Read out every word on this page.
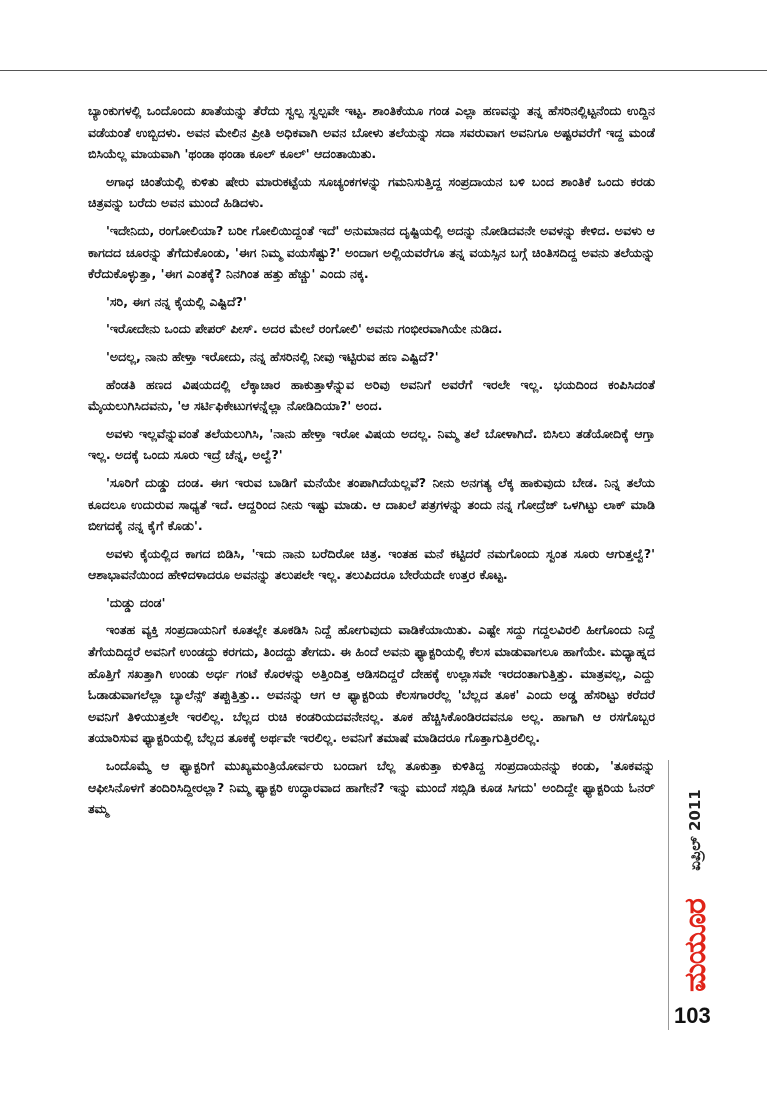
ಬ್ಯಾಂಕುಗಳಲ್ಲಿ ಒಂದೊಂದು ಖಾತೆಯನ್ನು ತೆರೆದು ಸ್ವಲ್ಪ ಸ್ವಲ್ಪವೇ ಇಟ್ಟ. ಶಾಂತಿಕೆಯೂ ಗಂಡ ಎಲ್ಲಾ ಹಣವನ್ನು ತನ್ನ ಹೆಸರಿನಲ್ಲಿಟ್ಟನೆಂದು ಉದ್ದಿನ ವಡೆಯಂತೆ ಉಬ್ಬಿದಳು. ಅವನ ಮೇಲಿನ ಪ್ರೀತಿ ಅಧಿಕವಾಗಿ ಅವನ ಬೋಳು ತಲೆಯನ್ನು ಸದಾ ಸವರುವಾಗ ಅವನಿಗೂ ಅಷ್ಟರವರೆಗೆ ಇದ್ದ ಮಂಡೆ ಬಿಸಿಯೆಲ್ಲ ಮಾಯವಾಗಿ 'ಥಂಡಾ ಥಂಡಾ ಕೂಲ್ ಕೂಲ್' ಆದಂತಾಯಿತು.

ಅಗಾಧ ಚಿಂತೆಯಲ್ಲಿ ಕುಳಿತು ಷೇರು ಮಾರುಕಟ್ಟೆಯ ಸೂಚ್ಯಂಕಗಳನ್ನು ಗಮನಿಸುತ್ತಿದ್ದ ಸಂಪ್ರದಾಯನ ಬಳಿ ಬಂದ ಶಾಂತಿಕೆ ಒಂದು ಕರಡು ಚಿತ್ರವನ್ನು ಬರೆದು ಅವನ ಮುಂದೆ ಹಿಡಿದಳು.

'ಇದೇನಿದು, ರಂಗೋಲಿಯಾ? ಬರೀ ಗೋಲಿಯಿದ್ದಂತೆ ಇದೆ' ಅನುಮಾನದ ದೃಷ್ಟಿಯಲ್ಲಿ ಅದನ್ನು ನೋಡಿದವನೇ ಅವಳನ್ನು ಕೇಳಿದ. ಅವಳು ಆ ಕಾಗದದ ಚೂರನ್ನು ತೆಗೆದುಕೊಂಡು, 'ಈಗ ನಿಮ್ಮ ವಯಸೆಷ್ಟು?' ಅಂದಾಗ ಅಲ್ಲಿಯವರೆಗೂ ತನ್ನ ವಯಸ್ಸಿನ ಬಗ್ಗೆ ಚಿಂತಿಸದಿದ್ದ ಅವನು ತಲೆಯನ್ನು ಕೆರೆದುಕೊಳ್ಳುತ್ತಾ, 'ಈಗ ಎಂತಕ್ಕೆ? ನಿನಗಿಂತ ಹತ್ತು ಹೆಚ್ಚು' ಎಂದು ನಕ್ಕ.

'ಸರಿ, ಈಗ ನನ್ನ ಕೈಯಲ್ಲಿ ಎಷ್ಟಿದೆ?'

'ಇರೋದೇನು ಒಂದು ಪೇಪರ್ ಪೀಸ್. ಅದರ ಮೇಲೆ ರಂಗೋಲಿ' ಅವನು ಗಂಭೀರವಾಗಿಯೇ ನುಡಿದ.

'ಅದಲ್ಲ, ನಾನು ಹೇಳ್ತಾ ಇರೋದು, ನನ್ನ ಹೆಸರಿನಲ್ಲಿ ನೀವು ಇಟ್ಟಿರುವ ಹಣ ಎಷ್ಟಿದೆ?'

ಹೆಂಡತಿ ಹಣದ ವಿಷಯದಲ್ಲಿ ಲೆಕ್ಕಾಚಾರ ಹಾಕುತ್ತಾಳೆನ್ನುವ ಅರಿವು ಅವನಿಗೆ ಅವರೆಗೆ ಇರಲೇ ಇಲ್ಲ. ಭಯದಿಂದ ಕಂಪಿಸಿದಂತೆ ಮೈಯಲುಗಿಸಿದವನು, 'ಆ ಸರ್ಟಿಫಿಕೇಟುಗಳನ್ನೆಲ್ಲಾ ನೋಡಿದಿಯಾ?' ಅಂದ.

ಅವಳು ಇಲ್ಲವೆನ್ನುವಂತೆ ತಲೆಯಲುಗಿಸಿ, 'ನಾನು ಹೇಳ್ತಾ ಇರೋ ವಿಷಯ ಅದಲ್ಲ. ನಿಮ್ಮ ತಲೆ ಬೋಳಾಗಿದೆ. ಬಿಸಿಲು ತಡೆಯೋದಿಕ್ಕೆ ಆಗ್ತಾ ಇಲ್ಲ. ಅದಕ್ಕೆ ಒಂದು ಸೂರು ಇದ್ರೆ ಚೆನ್ನ, ಅಲ್ವೆ?'

'ಸೂರಿಗೆ ದುಡ್ಡು ದಂಡ. ಈಗ ಇರುವ ಬಾಡಿಗೆ ಮನೆಯೇ ತಂಪಾಗಿದೆಯಲ್ಲವೆ? ನೀನು ಅನಗತ್ಯ ಲೆಕ್ಕ ಹಾಕುವುದು ಬೇಡ. ನಿನ್ನ ತಲೆಯ ಕೂದಲೂ ಉದುರುವ ಸಾಧ್ಯತೆ ಇದೆ. ಆದ್ದರಿಂದ ನೀನು ಇಷ್ಟು ಮಾಡು. ಆ ದಾಖಲೆ ಪತ್ರಗಳನ್ನು ತಂದು ನನ್ನ ಗೋದ್ರೆಜ್ ಒಳಗಿಟ್ಟು ಲಾಕ್ ಮಾಡಿ ಬೀಗದಕೈ ನನ್ನ ಕೈಗೆ ಕೊಡು'.

ಅವಳು ಕೈಯಲ್ಲಿದ ಕಾಗದ ಬಿಡಿಸಿ, 'ಇದು ನಾನು ಬರೆದಿರೋ ಚಿತ್ರ. ಇಂತಹ ಮನೆ ಕಟ್ಟಿದರೆ ನಮಗೊಂದು ಸ್ವಂತ ಸೂರು ಆಗುತ್ತಲ್ವೆ?' ಆಶಾಭಾವನೆಯಿಂದ ಹೇಳಿದಳಾದರೂ ಅವನನ್ನು ತಲುಪಲೇ ಇಲ್ಲ. ತಲುಪಿದರೂ ಬೇರೆಯದೇ ಉತ್ತರ ಕೊಟ್ಟ.

'ದುಡ್ಡು ದಂಡ'

ಇಂತಹ ವ್ಯಕ್ತಿ ಸಂಪ್ರದಾಯನಿಗೆ ಕೂತಲ್ಲೇ ತೂಕಡಿಸಿ ನಿದ್ದೆ ಹೋಗುವುದು ವಾಡಿಕೆಯಾಯಿತು. ಎಷ್ಟೇ ಸದ್ದು ಗದ್ದಲವಿರಲಿ ಹೀಗೊಂದು ನಿದ್ದೆ ತೆಗೆಯದಿದ್ದರೆ ಅವನಿಗೆ ಉಂಡದ್ದು ಕರಗದು, ತಿಂದದ್ದು ತೇಗದು. ಈ ಹಿಂದೆ ಅವನು ಫ್ಯಾಕ್ಟರಿಯಲ್ಲಿ ಕೆಲಸ ಮಾಡುವಾಗಲೂ ಹಾಗೆಯೇ. ಮಧ್ಯಾಹ್ನದ ಹೊತ್ತಿಗೆ ಸಖತ್ತಾಗಿ ಉಂಡು ಅರ್ಧ ಗಂಟೆ ಕೊರಳನ್ನು ಅತ್ತಿಂದಿತ್ತ ಆಡಿಸದಿದ್ದರೆ ದೇಹಕ್ಕೆ ಉಲ್ಲಾಸವೇ ಇರದಂತಾಗುತ್ತಿತ್ತು. ಮಾತ್ರವಲ್ಲ, ಎದ್ದು ಓಡಾಡುವಾಗಲೆಲ್ಲಾ ಬ್ಯಾಲೆನ್ಸ್ ತಪ್ಪುತ್ತಿತ್ತು.. ಅವನನ್ನು ಆಗ ಆ ಫ್ಯಾಕ್ಟರಿಯ ಕೆಲಸಗಾರರೆಲ್ಲ 'ಬೆಲ್ಲದ ತೂಕ' ಎಂದು ಅಡ್ಡ ಹೆಸರಿಟ್ಟು ಕರೆದರೆ ಅವನಿಗೆ ತಿಳಿಯುತ್ತಲೇ ಇರಲಿಲ್ಲ. ಬೆಲ್ಲದ ರುಚಿ ಕಂಡರಿಯದವನೇನಲ್ಲ. ತೂಕ ಹೆಚ್ಚಿಸಿಕೊಂಡಿರದವನೂ ಅಲ್ಲ. ಹಾಗಾಗಿ ಆ ರಸಗೊಬ್ಬರ ತಯಾರಿಸುವ ಫ್ಯಾಕ್ಟರಿಯಲ್ಲಿ ಬೆಲ್ಲದ ತೂಕಕ್ಕೆ ಅರ್ಥವೇ ಇರಲಿಲ್ಲ. ಅವನಿಗೆ ತಮಾಷೆ ಮಾಡಿದರೂ ಗೊತ್ತಾಗುತ್ತಿರಲಿಲ್ಲ.

ಒಂದೊಮ್ಮೆ ಆ ಫ್ಯಾಕ್ಟರಿಗೆ ಮುಖ್ಯಮಂತ್ರಿಯೋರ್ವರು ಬಂದಾಗ ಬೆಲ್ಲ ತೂಕುತ್ತಾ ಕುಳಿತಿದ್ದ ಸಂಪ್ರದಾಯನನ್ನು ಕಂಡು, 'ತೂಕವನ್ನು ಆಫೀಸಿನೊಳಗೆ ತಂದಿರಿಸಿದ್ದೀರಲ್ಲಾ? ನಿಮ್ಮ ಫ್ಯಾಕ್ಟರಿ ಉದ್ಧಾರವಾದ ಹಾಗೇನೆ? ಇನ್ನು ಮುಂದೆ ಸಬ್ಸಿಡಿ ಕೂಡ ಸಿಗದು' ಅಂದಿದ್ದೇ ಫ್ಯಾಕ್ಟರಿಯ ಓನರ್ ತಮ್ಮ	ಏಪ್ರಿಲ್ 2011
ಮಯೂರ
103
